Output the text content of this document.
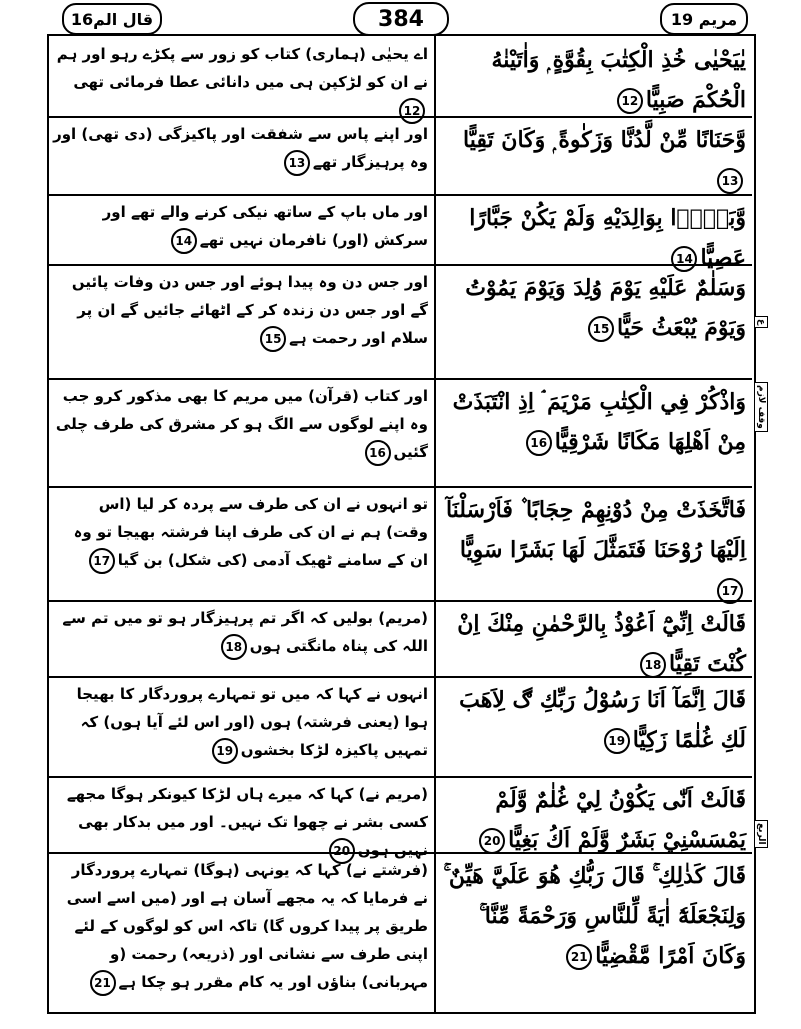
قال الم16	384	مریم 19
يٰيَحْيٰى خُذِ الْكِتٰبَ بِقُوَّةٍ ۭ وَاٰتَيْنٰهُ الْحُكْمَ صَبِيًّا12
اے یحیٰی (ہماری) کتاب کو زور سے پکڑے رہو اور ہم نے ان کو لڑکپن ہی میں دانائی عطا فرمائی تھی12
وَّحَنَانًا مِّنْ لَّدُنَّا وَزَكٰوةً ۭ وَكَانَ تَقِيًّا13
اور اپنے پاس سے شفقت اور پاکیزگی (دی تھی) اور وہ پرہیزگار تھے13
وَّبَرًّۢا بِوَالِدَيْهِ وَلَمْ يَكُنْ جَبَّارًا عَصِيًّا14
اور ماں باپ کے ساتھ نیکی کرنے والے تھے اور سرکش (اور) نافرمان نہیں تھے14
وَسَلٰمٌ عَلَيْهِ يَوْمَ وُلِدَ وَيَوْمَ يَمُوْتُ وَيَوْمَ يُبْعَثُ حَيًّا15
اور جس دن وہ پیدا ہوئے اور جس دن وفات پائیں گے اور جس دن زندہ کر کے اٹھائے جائیں گے ان پر سلام اور رحمت ہے15
وَاذْكُرْ فِي الْكِتٰبِ مَرْيَمَ ۘ اِذِ انْتَبَذَتْ مِنْ اَهْلِهَا مَكَانًا شَرْقِيًّا16
اور کتاب (قرآن) میں مریم کا بھی مذکور کرو جب وہ اپنے لوگوں سے الگ ہو کر مشرق کی طرف چلی گئیں16
فَاتَّخَذَتْ مِنْ دُوْنِهِمْ حِجَابًا ۫ فَاَرْسَلْنَآ اِلَيْهَا رُوْحَنَا فَتَمَثَّلَ لَهَا بَشَرًا سَوِيًّا17
تو انہوں نے ان کی طرف سے پردہ کر لیا (اس وقت) ہم نے ان کی طرف اپنا فرشتہ بھیجا تو وہ ان کے سامنے ٹھیک آدمی (کی شکل) بن گیا17
قَالَتْ اِنِّيْٓ اَعُوْذُ بِالرَّحْمٰنِ مِنْكَ اِنْ كُنْتَ تَقِيًّا18
(مریم) بولیں کہ اگر تم پرہیزگار ہو تو میں تم سے اللہ کی پناہ مانگتی ہوں18
قَالَ اِنَّمَآ اَنَا رَسُوْلُ رَبِّكِ ڰ لِاَهَبَ لَكِ غُلٰمًا زَكِيًّا19
انہوں نے کہا کہ میں تو تمہارے پروردگار کا بھیجا ہوا (یعنی فرشتہ) ہوں (اور اس لئے آیا ہوں) کہ تمہیں پاکیزہ لڑکا بخشوں19
قَالَتْ اَنّٰى يَكُوْنُ لِيْ غُلٰمٌ وَّلَمْ يَمْسَسْنِيْ بَشَرٌ وَّلَمْ اَكُ بَغِيًّا20
(مریم نے) کہا کہ میرے ہاں لڑکا کیونکر ہوگا مجھے کسی بشر نے چھوا تک نہیں۔ اور میں بدکار بھی نہیں ہوں20
قَالَ كَذٰلِكِ ۚ قَالَ رَبُّكِ هُوَ عَلَيَّ هَيِّنٌ ۚ وَلِنَجْعَلَهٗٓ اٰيَةً لِّلنَّاسِ وَرَحْمَةً مِّنَّا ۚ وَكَانَ اَمْرًا مَّقْضِيًّا21
(فرشتے نے) کہا کہ یونہی (ہوگا) تمہارے پروردگار نے فرمایا کہ یہ مجھے آسان ہے اور (میں اسے اسی طریق پر پیدا کروں گا) تاکہ اس کو لوگوں کے لئے اپنی طرف سے نشانی اور (ذریعہ) رحمت (و مہربانی) بناؤں اور یہ کام مقرر ہو چکا ہے21
ع
وقف لازم
الربع
